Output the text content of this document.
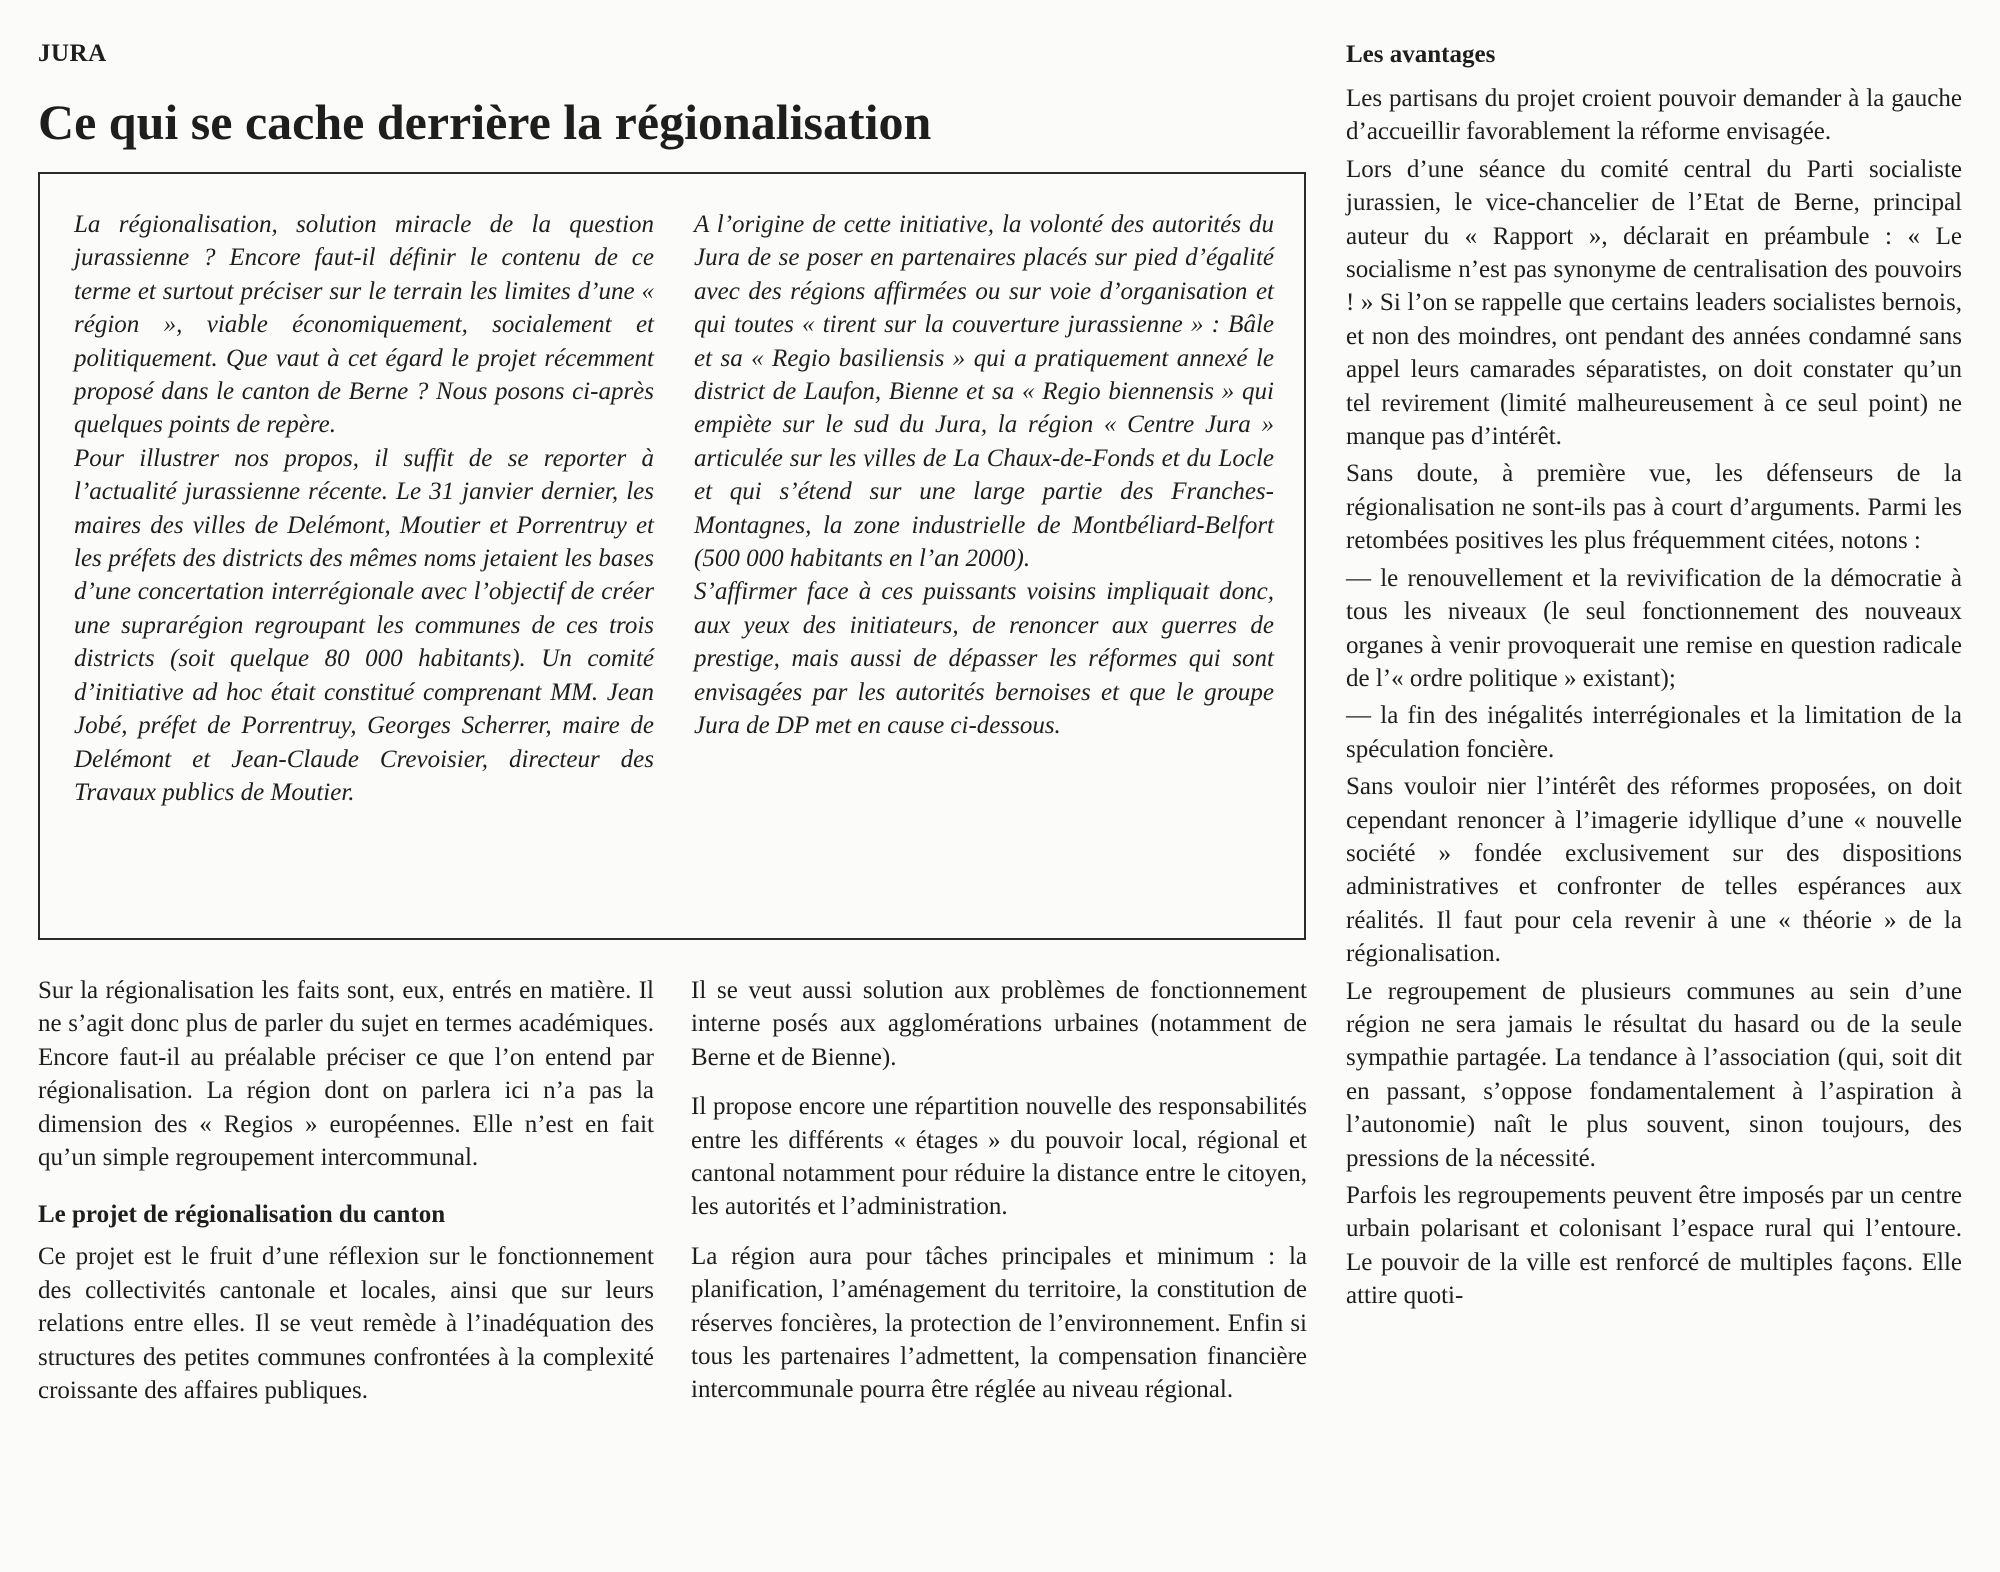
JURA
Ce qui se cache derrière la régionalisation

La régionalisation, solution miracle de la question jurassienne ? Encore faut-il définir le contenu de ce terme et surtout préciser sur le terrain les limites d’une « région », viable économiquement, socialement et politiquement. Que vaut à cet égard le projet récemment proposé dans le canton de Berne ? Nous posons ci-après quelques points de repère.

Pour illustrer nos propos, il suffit de se reporter à l’actualité jurassienne récente. Le 31 janvier dernier, les maires des villes de Delémont, Moutier et Porrentruy et les préfets des districts des mêmes noms jetaient les bases d’une concertation interrégionale avec l’objectif de créer une suprarégion regroupant les communes de ces trois districts (soit quelque 80 000 habitants). Un comité d’initiative ad hoc était constitué comprenant MM. Jean Jobé, préfet de Porrentruy, Georges Scherrer, maire de Delémont et Jean-Claude Crevoisier, directeur des Travaux publics de Moutier.

A l’origine de cette initiative, la volonté des autorités du Jura de se poser en partenaires placés sur pied d’égalité avec des régions affirmées ou sur voie d’organisation et qui toutes « tirent sur la couverture jurassienne » : Bâle et sa « Regio basiliensis » qui a pratiquement annexé le district de Laufon, Bienne et sa « Regio biennensis » qui empiète sur le sud du Jura, la région « Centre Jura » articulée sur les villes de La Chaux-de-Fonds et du Locle et qui s’étend sur une large partie des Franches-Montagnes, la zone industrielle de Montbéliard-Belfort (500 000 habitants en l’an 2000).

S’affirmer face à ces puissants voisins impliquait donc, aux yeux des initiateurs, de renoncer aux guerres de prestige, mais aussi de dépasser les réformes qui sont envisagées par les autorités bernoises et que le groupe Jura de DP met en cause ci-dessous.

Sur la régionalisation les faits sont, eux, entrés en matière. Il ne s’agit donc plus de parler du sujet en termes académiques. Encore faut-il au préalable préciser ce que l’on entend par régionalisation. La région dont on parlera ici n’a pas la dimension des « Regios » européennes. Elle n’est en fait qu’un simple regroupement intercommunal.

Le projet de régionalisation du canton

Ce projet est le fruit d’une réflexion sur le fonctionnement des collectivités cantonale et locales, ainsi que sur leurs relations entre elles. Il se veut remède à l’inadéquation des structures des petites communes confrontées à la complexité croissante des affaires publiques.

Il se veut aussi solution aux problèmes de fonctionnement interne posés aux agglomérations urbaines (notamment de Berne et de Bienne).

Il propose encore une répartition nouvelle des responsabilités entre les différents « étages » du pouvoir local, régional et cantonal notamment pour réduire la distance entre le citoyen, les autorités et l’administration.

La région aura pour tâches principales et minimum : la planification, l’aménagement du territoire, la constitution de réserves foncières, la protection de l’environnement. Enfin si tous les partenaires l’admettent, la compensation financière intercommunale pourra être réglée au niveau régional.

Les avantages

Les partisans du projet croient pouvoir demander à la gauche d’accueillir favorablement la réforme envisagée.

Lors d’une séance du comité central du Parti socialiste jurassien, le vice-chancelier de l’Etat de Berne, principal auteur du « Rapport », déclarait en préambule : « Le socialisme n’est pas synonyme de centralisation des pouvoirs ! » Si l’on se rappelle que certains leaders socialistes bernois, et non des moindres, ont pendant des années condamné sans appel leurs camarades séparatistes, on doit constater qu’un tel revirement (limité malheureusement à ce seul point) ne manque pas d’intérêt.

Sans doute, à première vue, les défenseurs de la régionalisation ne sont-ils pas à court d’arguments. Parmi les retombées positives les plus fréquemment citées, notons :

— le renouvellement et la revivification de la démocratie à tous les niveaux (le seul fonctionnement des nouveaux organes à venir provoquerait une remise en question radicale de l’« ordre politique » existant);

— la fin des inégalités interrégionales et la limitation de la spéculation foncière.

Sans vouloir nier l’intérêt des réformes proposées, on doit cependant renoncer à l’imagerie idyllique d’une « nouvelle société » fondée exclusivement sur des dispositions administratives et confronter de telles espérances aux réalités. Il faut pour cela revenir à une « théorie » de la régionalisation.

Le regroupement de plusieurs communes au sein d’une région ne sera jamais le résultat du hasard ou de la seule sympathie partagée. La tendance à l’association (qui, soit dit en passant, s’oppose fondamentalement à l’aspiration à l’autonomie) naît le plus souvent, sinon toujours, des pressions de la nécessité.

Parfois les regroupements peuvent être imposés par un centre urbain polarisant et colonisant l’espace rural qui l’entoure. Le pouvoir de la ville est renforcé de multiples façons. Elle attire quoti-
